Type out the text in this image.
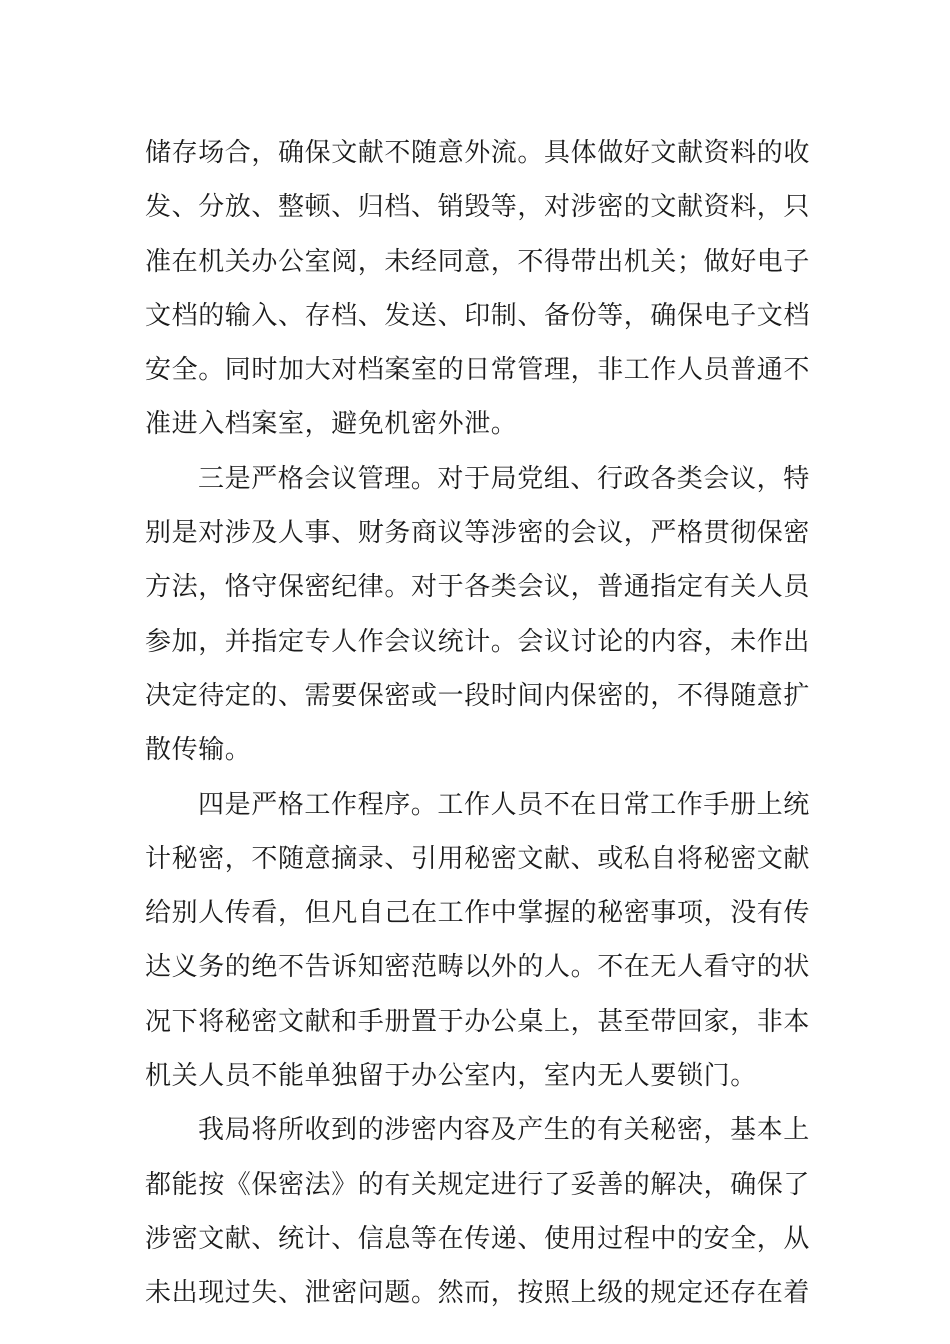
储存场合，确保文献不随意外流。具体做好文献资料的收
发、分放、整顿、归档、销毁等，对涉密的文献资料，只
准在机关办公室阅，未经同意，不得带出机关；做好电子
文档的输入、存档、发送、印制、备份等，确保电子文档
安全。同时加大对档案室的日常管理，非工作人员普通不
准进入档案室，避免机密外泄。
三是严格会议管理。对于局党组、行政各类会议，特
别是对涉及人事、财务商议等涉密的会议，严格贯彻保密
方法，恪守保密纪律。对于各类会议，普通指定有关人员
参加，并指定专人作会议统计。会议讨论的内容，未作出
决定待定的、需要保密或一段时间内保密的，不得随意扩
散传输。
四是严格工作程序。工作人员不在日常工作手册上统
计秘密，不随意摘录、引用秘密文献、或私自将秘密文献
给别人传看，但凡自己在工作中掌握的秘密事项，没有传
达义务的绝不告诉知密范畴以外的人。不在无人看守的状
况下将秘密文献和手册置于办公桌上，甚至带回家，非本
机关人员不能单独留于办公室内，室内无人要锁门。
我局将所收到的涉密内容及产生的有关秘密，基本上
都能按《保密法》的有关规定进行了妥善的解决，确保了
涉密文献、统计、信息等在传递、使用过程中的安全，从
未出现过失、泄密问题。然而，按照上级的规定还存在着
